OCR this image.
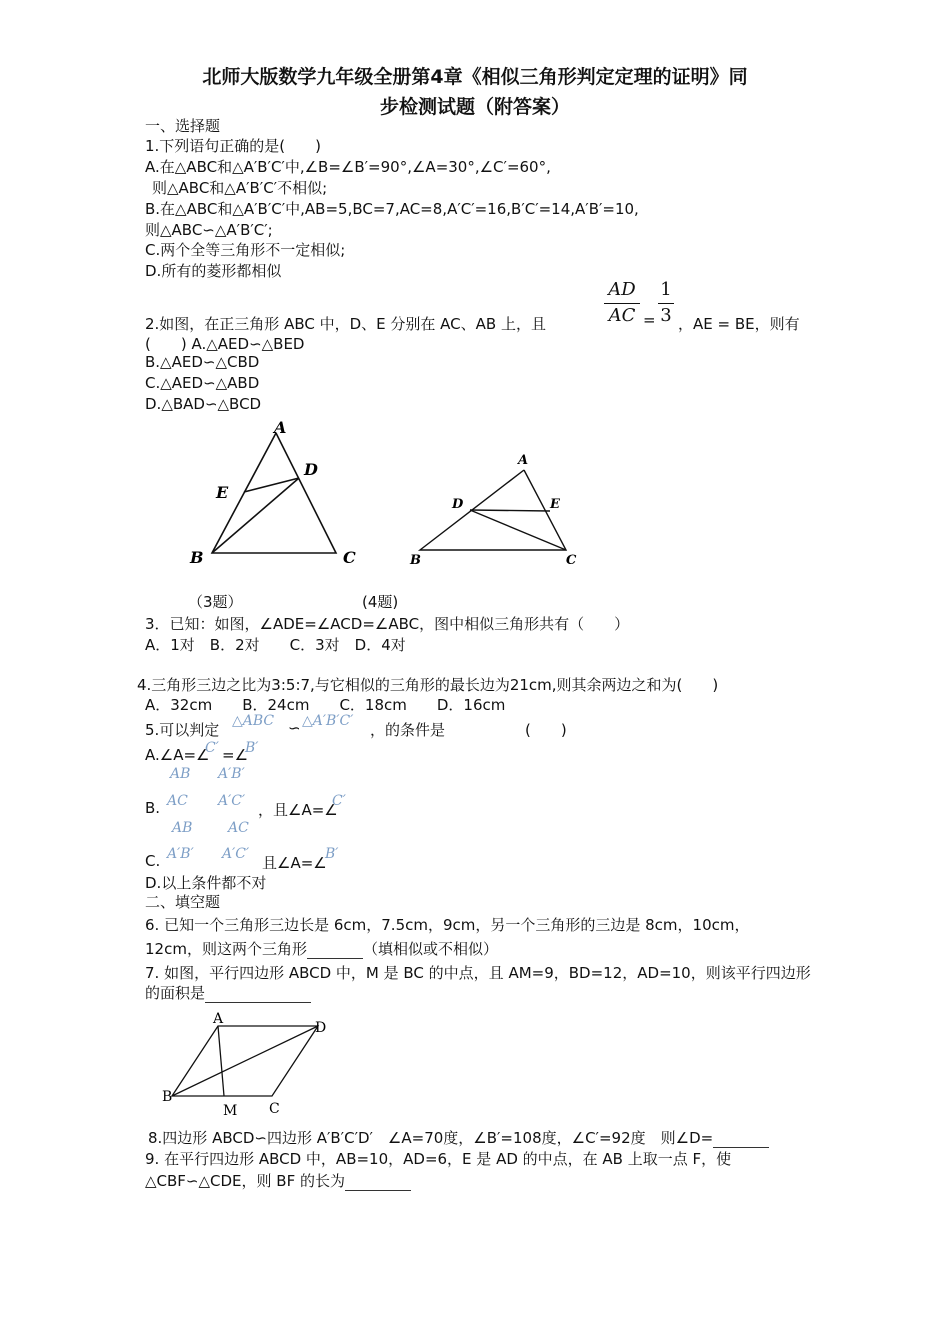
北师大版数学九年级全册第4章《相似三角形判定定理的证明》同
步检测试题（附答案）
一、选择题
1.下列语句正确的是(　　)
A.在△ABC和△A′B′C′中,∠B=∠B′=90°,∠A=30°,∠C′=60°,
则△ABC和△A′B′C′不相似;
B.在△ABC和△A′B′C′中,AB=5,BC=7,AC=8,A′C′=16,B′C′=14,A′B′=10,
则△ABC∽△A′B′C′;
C.两个全等三角形不一定相似;
D.所有的菱形都相似
2.如图，在正三角形 ABC 中，D、E 分别在 AC、AB 上，且
AD
AC =
1
3 ，AE = BE，则有
(　　) A.△AED∽△BED
B.△AED∽△CBD
C.△AED∽△ABD
D.△BAD∽△BCD
A
D
E
B	C
A
D	E
B	C
（3题）	(4题)
3．已知：如图，∠ADE=∠ACD=∠ABC，图中相似三角形共有（　　）
A．1对　B．2对　　C．3对　D．4对
4.三角形三边之比为3:5:7,与它相似的三角形的最长边为21cm,则其余两边之和为(　　)
A．32cm　　B．24cm　　C．18cm　　D．16cm
5.可以判定 △ABC ∽ △A′B′C′ ，的条件是	(　　)
A.∠A=∠
C′ =∠
B′
B.
AB
AC
A′B′
A′C′ ，且∠A=∠
C′
C.
AB
A′B′
AC
A′C′ 且∠A=∠
B′
D.以上条件都不对
二、填空题
6. 已知一个三角形三边长是 6cm，7.5cm，9cm，另一个三角形的三边是 8cm，10cm，
12cm，则这两个三角形	（填相似或不相似）
7. 如图，平行四边形 ABCD 中，M 是 BC 的中点，且 AM=9，BD=12，AD=10，则该平行四边形
的面积是
A
D
B
M C
8.四边形 ABCD∽四边形 A′B′C′D′　∠A=70度，∠B′=108度，∠C′=92度　则∠D=
9. 在平行四边形 ABCD 中，AB=10，AD=6，E 是 AD 的中点，在 AB 上取一点 F，使
△CBF∽△CDE，则 BF 的长为
